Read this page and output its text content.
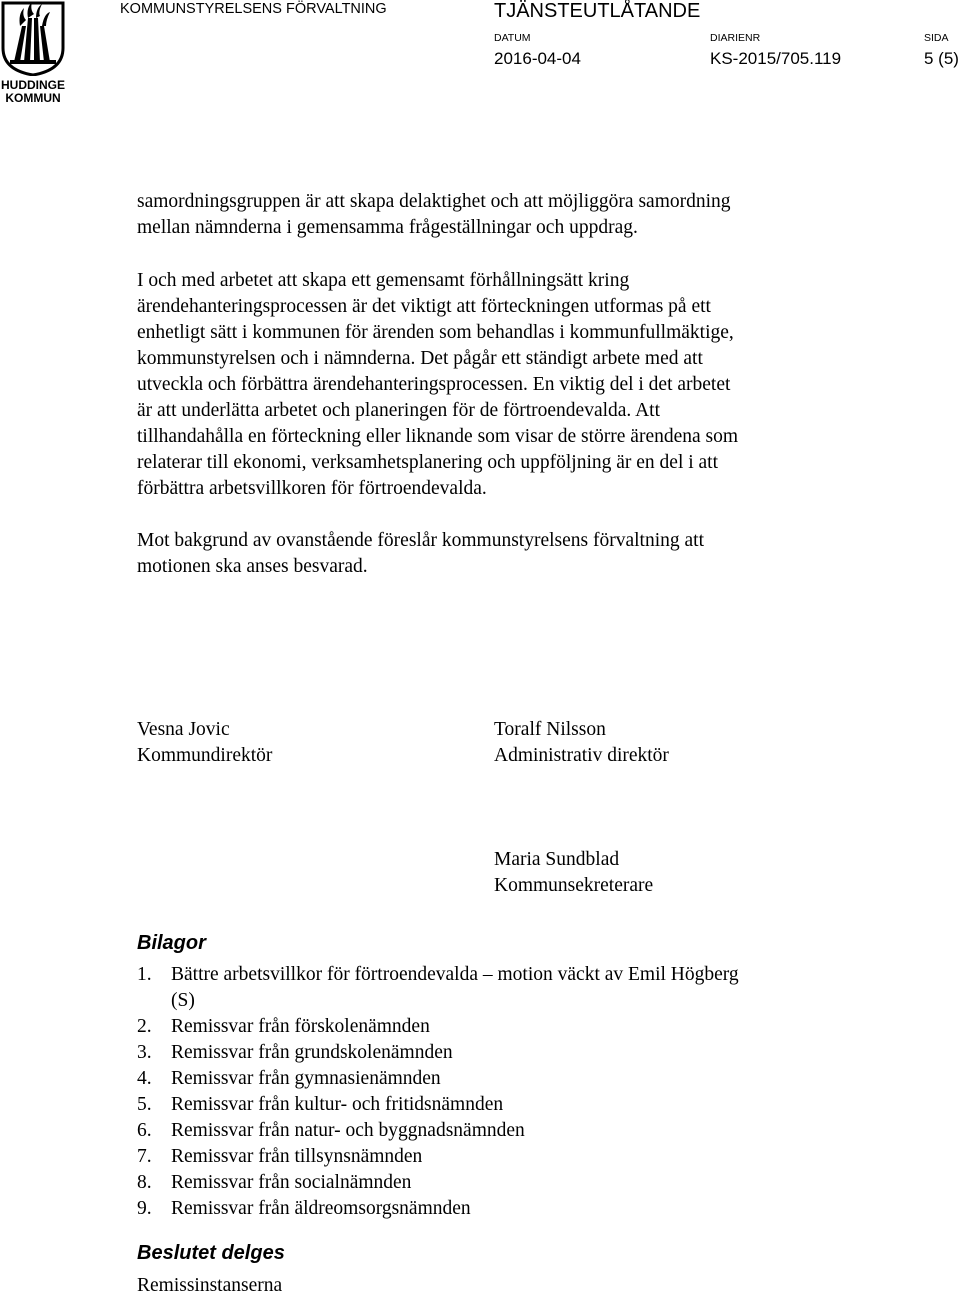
HUDDINGE
KOMMUN
KOMMUNSTYRELSENS FÖRVALTNING	TJÄNSTEUTLÅTANDE
DATUM
2016-04-04
DIARIENR
KS-2015/705.119
SIDA
5 (5)
samordningsgruppen är att skapa delaktighet och att möjliggöra samordning
mellan nämnderna i gemensamma frågeställningar och uppdrag.
I och med arbetet att skapa ett gemensamt förhållningsätt kring
ärendehanteringsprocessen är det viktigt att förteckningen utformas på ett
enhetligt sätt i kommunen för ärenden som behandlas i kommunfullmäktige,
kommunstyrelsen och i nämnderna. Det pågår ett ständigt arbete med att
utveckla och förbättra ärendehanteringsprocessen. En viktig del i det arbetet
är att underlätta arbetet och planeringen för de förtroendevalda. Att
tillhandahålla en förteckning eller liknande som visar de större ärendena som
relaterar till ekonomi, verksamhetsplanering och uppföljning är en del i att
förbättra arbetsvillkoren för förtroendevalda.
Mot bakgrund av ovanstående föreslår kommunstyrelsens förvaltning att
motionen ska anses besvarad.
Vesna Jovic
Kommundirektör
Toralf Nilsson
Administrativ direktör
Maria Sundblad
Kommunsekreterare
Bilagor
1. Bättre arbetsvillkor för förtroendevalda – motion väckt av Emil Högberg
(S)
2. Remissvar från förskolenämnden
3. Remissvar från grundskolenämnden
4. Remissvar från gymnasienämnden
5. Remissvar från kultur- och fritidsnämnden
6. Remissvar från natur- och byggnadsnämnden
7. Remissvar från tillsynsnämnden
8. Remissvar från socialnämnden
9. Remissvar från äldreomsorgsnämnden
Beslutet delges
Remissinstanserna
